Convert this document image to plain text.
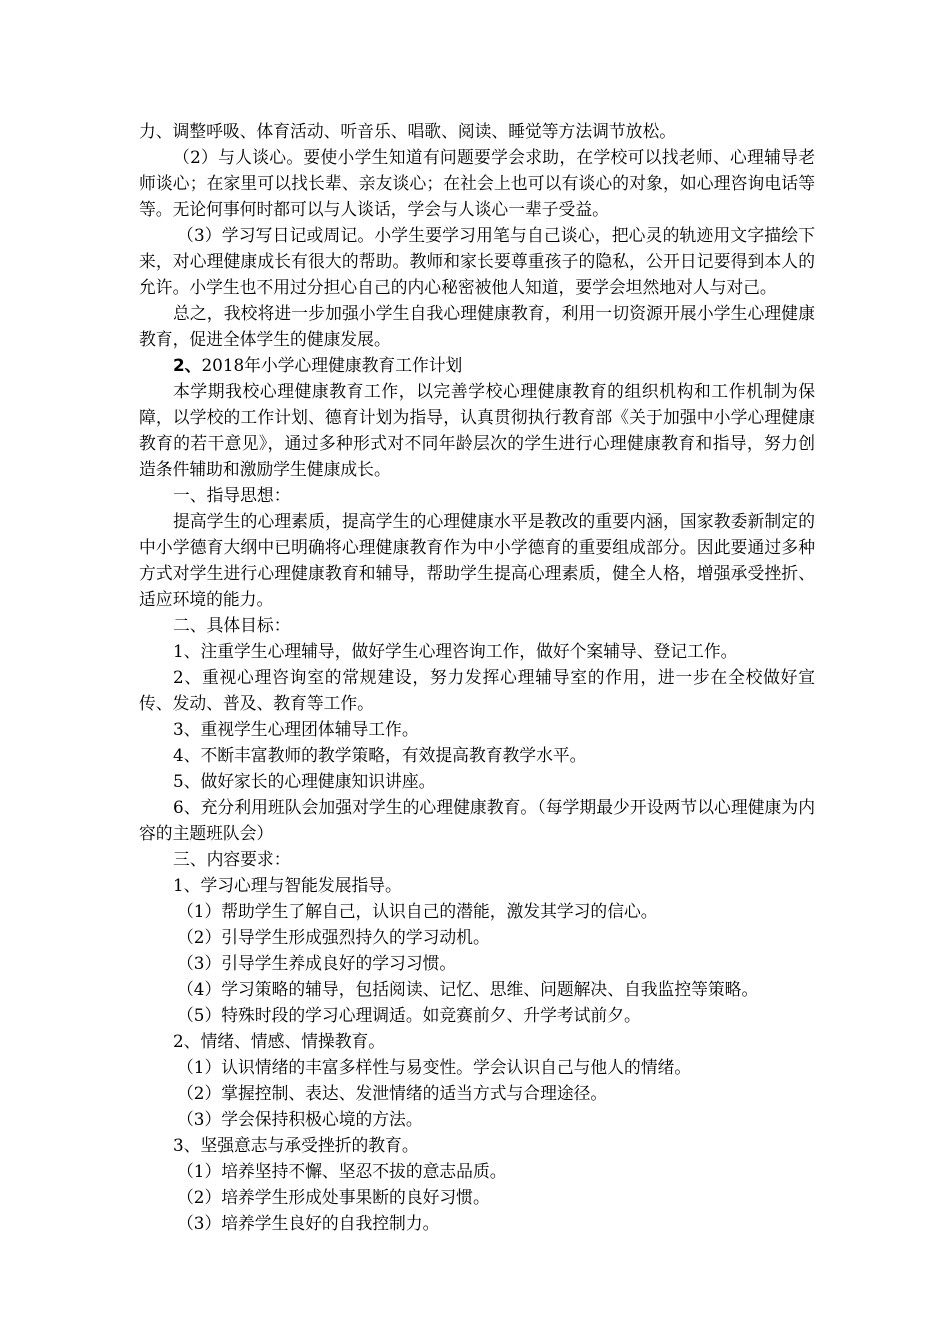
力、调整呼吸、体育活动、听音乐、唱歌、阅读、睡觉等方法调节放松。

（2）与人谈心。要使小学生知道有问题要学会求助，在学校可以找老师、心理辅导老师谈心；在家里可以找长辈、亲友谈心；在社会上也可以有谈心的对象，如心理咨询电话等等。无论何事何时都可以与人谈话，学会与人谈心一辈子受益。

（3）学习写日记或周记。小学生要学习用笔与自己谈心，把心灵的轨迹用文字描绘下来，对心理健康成长有很大的帮助。教师和家长要尊重孩子的隐私，公开日记要得到本人的允许。小学生也不用过分担心自己的内心秘密被他人知道，要学会坦然地对人与对己。

总之，我校将进一步加强小学生自我心理健康教育，利用一切资源开展小学生心理健康教育，促进全体学生的健康发展。

2、2018年小学心理健康教育工作计划

本学期我校心理健康教育工作，以完善学校心理健康教育的组织机构和工作机制为保障，以学校的工作计划、德育计划为指导，认真贯彻执行教育部《关于加强中小学心理健康教育的若干意见》，通过多种形式对不同年龄层次的学生进行心理健康教育和指导，努力创造条件辅助和激励学生健康成长。

一、指导思想：

提高学生的心理素质，提高学生的心理健康水平是教改的重要内涵，国家教委新制定的中小学德育大纲中已明确将心理健康教育作为中小学德育的重要组成部分。因此要通过多种方式对学生进行心理健康教育和辅导，帮助学生提高心理素质，健全人格，增强承受挫折、适应环境的能力。

二、具体目标：

1、注重学生心理辅导，做好学生心理咨询工作，做好个案辅导、登记工作。

2、重视心理咨询室的常规建设，努力发挥心理辅导室的作用，进一步在全校做好宣传、发动、普及、教育等工作。

3、重视学生心理团体辅导工作。

4、不断丰富教师的教学策略，有效提高教育教学水平。

5、做好家长的心理健康知识讲座。

6、充分利用班队会加强对学生的心理健康教育。（每学期最少开设两节以心理健康为内容的主题班队会）

三、内容要求：

1、学习心理与智能发展指导。

（1）帮助学生了解自己，认识自己的潜能，激发其学习的信心。

（2）引导学生形成强烈持久的学习动机。

（3）引导学生养成良好的学习习惯。

（4）学习策略的辅导，包括阅读、记忆、思维、问题解决、自我监控等策略。

（5）特殊时段的学习心理调适。如竞赛前夕、升学考试前夕。

2、情绪、情感、情操教育。

（1）认识情绪的丰富多样性与易变性。学会认识自己与他人的情绪。

（2）掌握控制、表达、发泄情绪的适当方式与合理途径。

（3）学会保持积极心境的方法。

3、坚强意志与承受挫折的教育。

（1）培养坚持不懈、坚忍不拔的意志品质。

（2）培养学生形成处事果断的良好习惯。

（3）培养学生良好的自我控制力。
